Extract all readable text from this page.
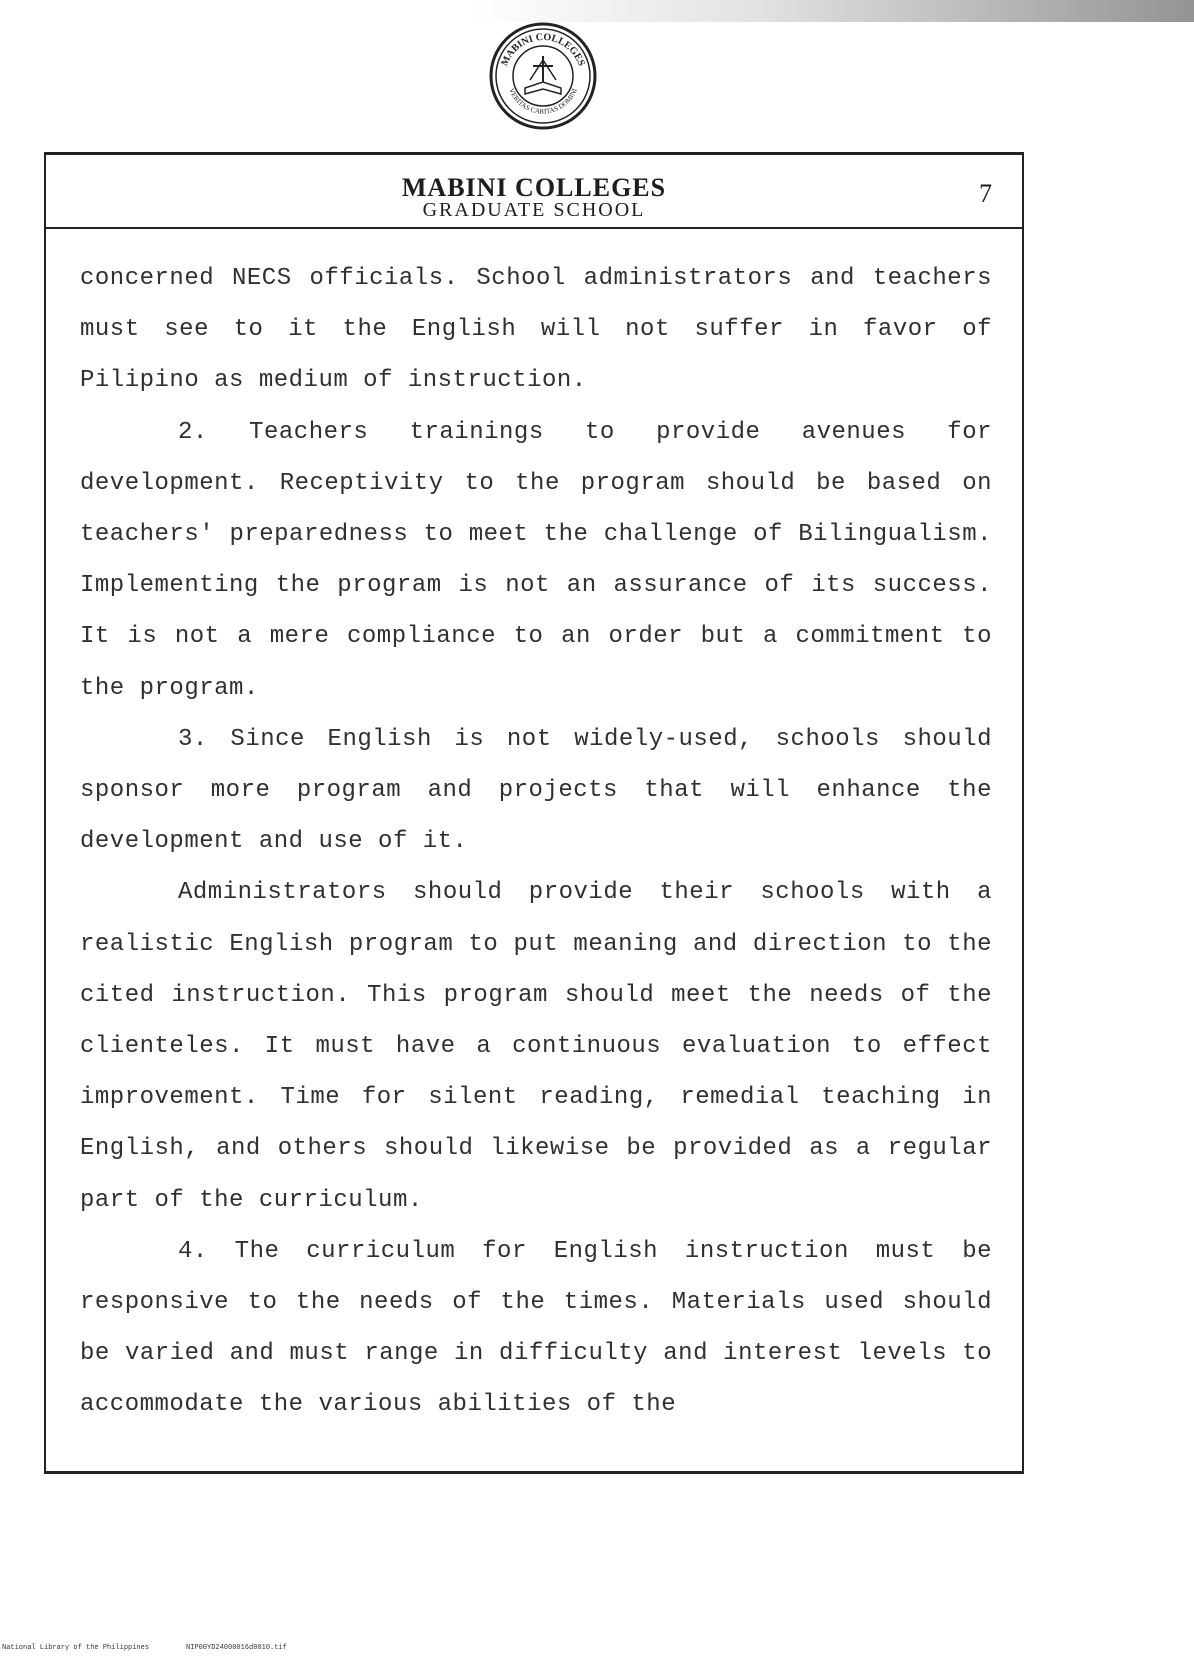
MABINI COLLEGES
VERITAS CARITAS DOMINI
MABINI COLLEGES
GRADUATE SCHOOL
7

concerned NECS officials. School administrators and teachers must see to it the English will not suffer in favor of Pilipino as medium of instruction.

2. Teachers trainings to provide avenues for development. Receptivity to the program should be based on teachers' preparedness to meet the challenge of Bilingualism. Implementing the program is not an assurance of its success. It is not a mere compliance to an order but a commitment to the program.

3. Since English is not widely-used, schools should sponsor more program and projects that will enhance the development and use of it.

Administrators should provide their schools with a realistic English program to put meaning and direction to the cited instruction. This program should meet the needs of the clienteles. It must have a continuous evaluation to effect improvement. Time for silent reading, remedial teaching in English, and others should likewise be provided as a regular part of the curriculum.

4. The curriculum for English instruction must be responsive to the needs of the times. Materials used should be varied and must range in difficulty and interest levels to accommodate the various abilities of the

National Library of the Philippines	NIP00YD24000016d0010.tif
